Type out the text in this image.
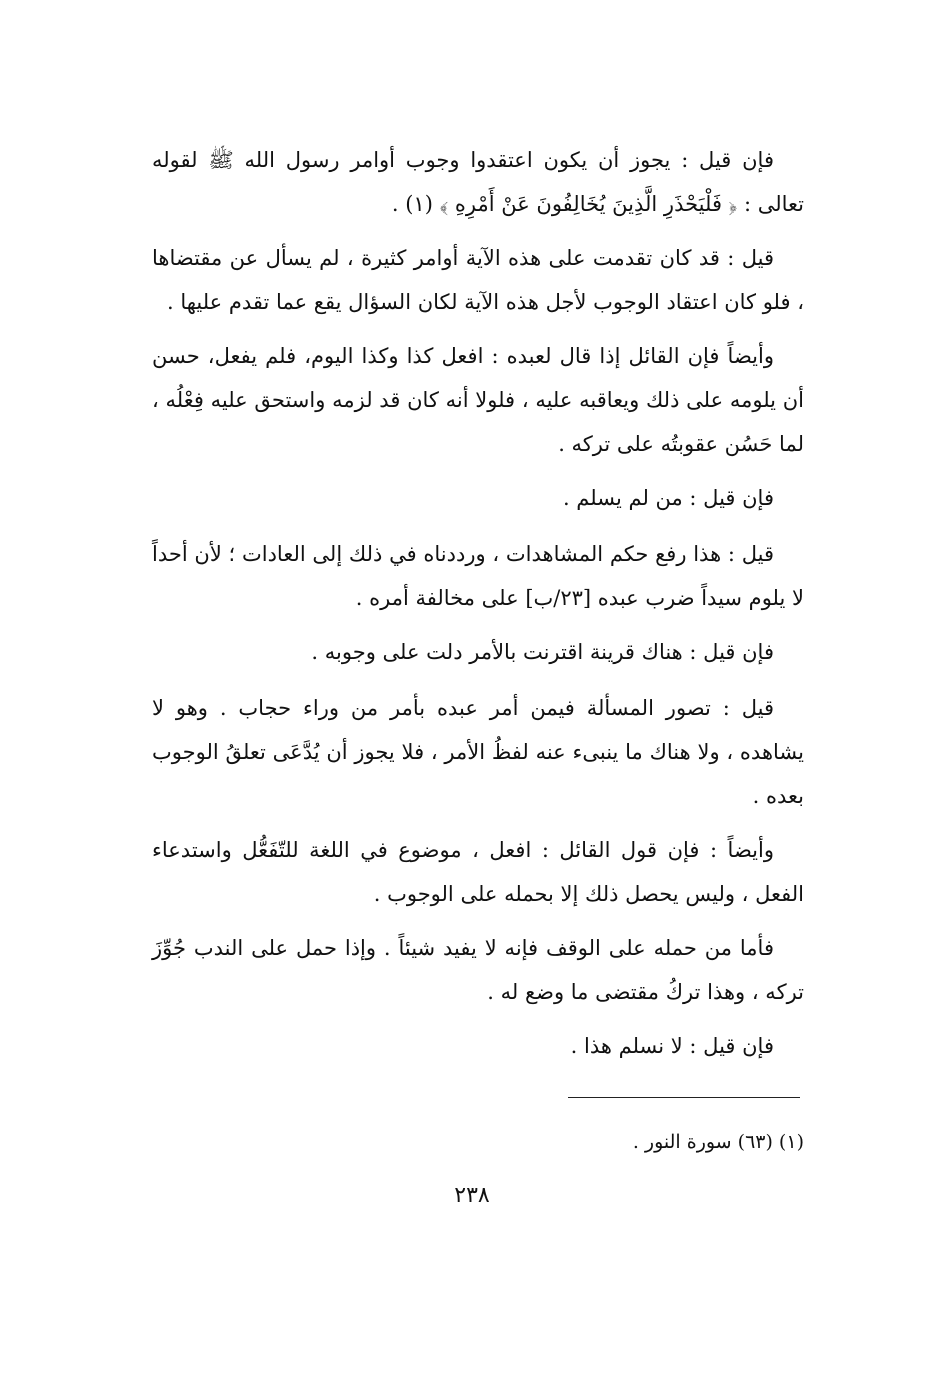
فإن قيل : يجوز أن يكون اعتقدوا وجوب أوامر رسول الله ﷺ لقوله تعالى : ﴿ فَلْيَحْذَرِ الَّذِينَ يُخَالِفُونَ عَنْ أَمْرِهِ ﴾ (١) .

قيل : قد كان تقدمت على هذه الآية أوامر كثيرة ، لم يسأل عن مقتضاها ، فلو كان اعتقاد الوجوب لأجل هذه الآية لكان السؤال يقع عما تقدم عليها .

وأيضاً فإن القائل إذا قال لعبده : افعل كذا وكذا اليوم، فلم يفعل، حسن أن يلومه على ذلك ويعاقبه عليه ، فلولا أنه كان قد لزمه واستحق عليه فِعْلُه ، لما حَسُن عقوبتُه على تركه .

فإن قيل : من لم يسلم .

قيل : هذا رفع حكم المشاهدات ، ورددناه في ذلك إلى العادات ؛ لأن أحداً لا يلوم سيداً ضرب عبده [٢٣/ب] على مخالفة أمره .

فإن قيل : هناك قرينة اقترنت بالأمر دلت على وجوبه .

قيل : تصور المسألة فيمن أمر عبده بأمر من وراء حجاب . وهو لا يشاهده ، ولا هناك ما ينبىء عنه لفظُ الأمر ، فلا يجوز أن يُدَّعَى تعلقُ الوجوب بعده .

وأيضاً : فإن قول القائل : افعل ، موضوع في اللغة للتّفَعُّل واستدعاء الفعل ، وليس يحصل ذلك إلا بحمله على الوجوب .

فأما من حمله على الوقف فإنه لا يفيد شيئاً . وإذا حمل على الندب جُوِّزَ تركه ، وهذا تركُ مقتضى ما وضع له .

فإن قيل : لا نسلم هذا .

(١) (٦٣) سورة النور .
٢٣٨
